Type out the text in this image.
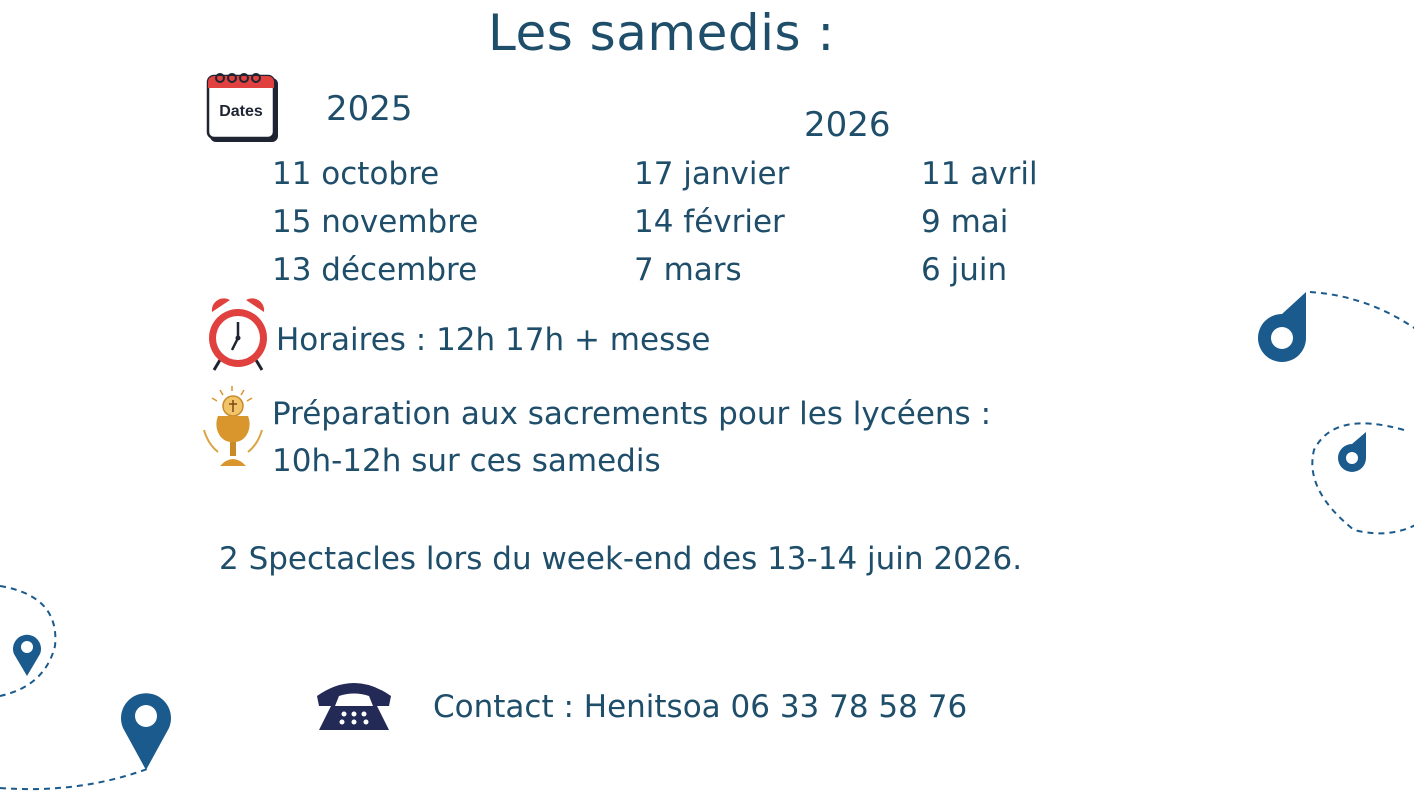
Les samedis :
Dates 2025	2026
11 octobre
15 novembre
13 décembre
17 janvier
14 février
7 mars
11 avril
9 mai
6 juin
Horaires : 12h 17h + messe
Préparation aux sacrements pour les lycéens :
10h-12h sur ces samedis
2 Spectacles lors du week-end des 13-14 juin 2026.
Contact : Henitsoa 06 33 78 58 76
